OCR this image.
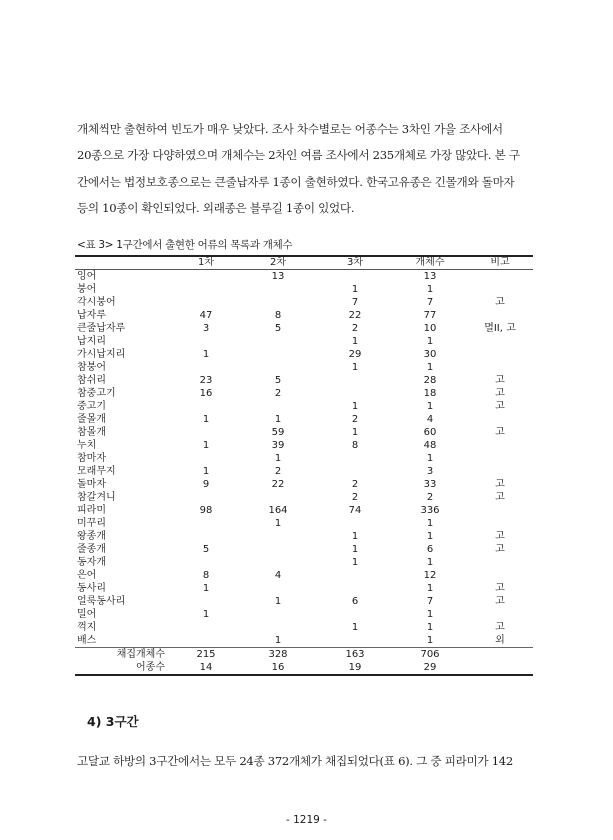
개체씩만 출현하여 빈도가 매우 낮았다. 조사 차수별로는 어종수는 3차인 가을 조사에서
20종으로 가장 다양하였으며 개체수는 2차인 여름 조사에서 235개체로 가장 많았다. 본 구
간에서는 법정보호종으로는 큰줄납자루 1종이 출현하였다. 한국고유종은 긴몰개와 돌마자
등의 10종이 확인되었다. 외래종은 블루길 1종이 있었다.
<표 3> 1구간에서 출현한 어류의 목록과 개체수
	1차	2차	3차	개체수	비고
잉어		13		13	
붕어			1	1	
각시붕어			7	7	고
납자루	47	8	22	77	
큰줄납자루	3	5	2	10	멸II, 고
납지리			1	1	
가시납지리	1		29	30	
참붕어			1	1	
참쉬리	23	5		28	고
참중고기	16	2		18	고
중고기			1	1	고
줄몰개	1	1	2	4	
참몰개		59	1	60	고
누치	1	39	8	48	
참마자		1		1	
모래무지	1	2		3	
돌마자	9	22	2	33	고
참갈겨니			2	2	고
피라미	98	164	74	336	
미꾸리		1		1	
왕종개			1	1	고
줄종개	5		1	6	고
동자개			1	1	
은어	8	4		12	
동사리	1			1	고
얼룩동사리		1	6	7	고
밀어	1			1	
꺽지			1	1	고
배스		1		1	외
채집개체수	215	328	163	706	
어종수	14	16	19	29	
4) 3구간
고달교 하방의 3구간에서는 모두 24종 372개체가 채집되었다(표 6). 그 중 피라미가 142
- 1219 -
